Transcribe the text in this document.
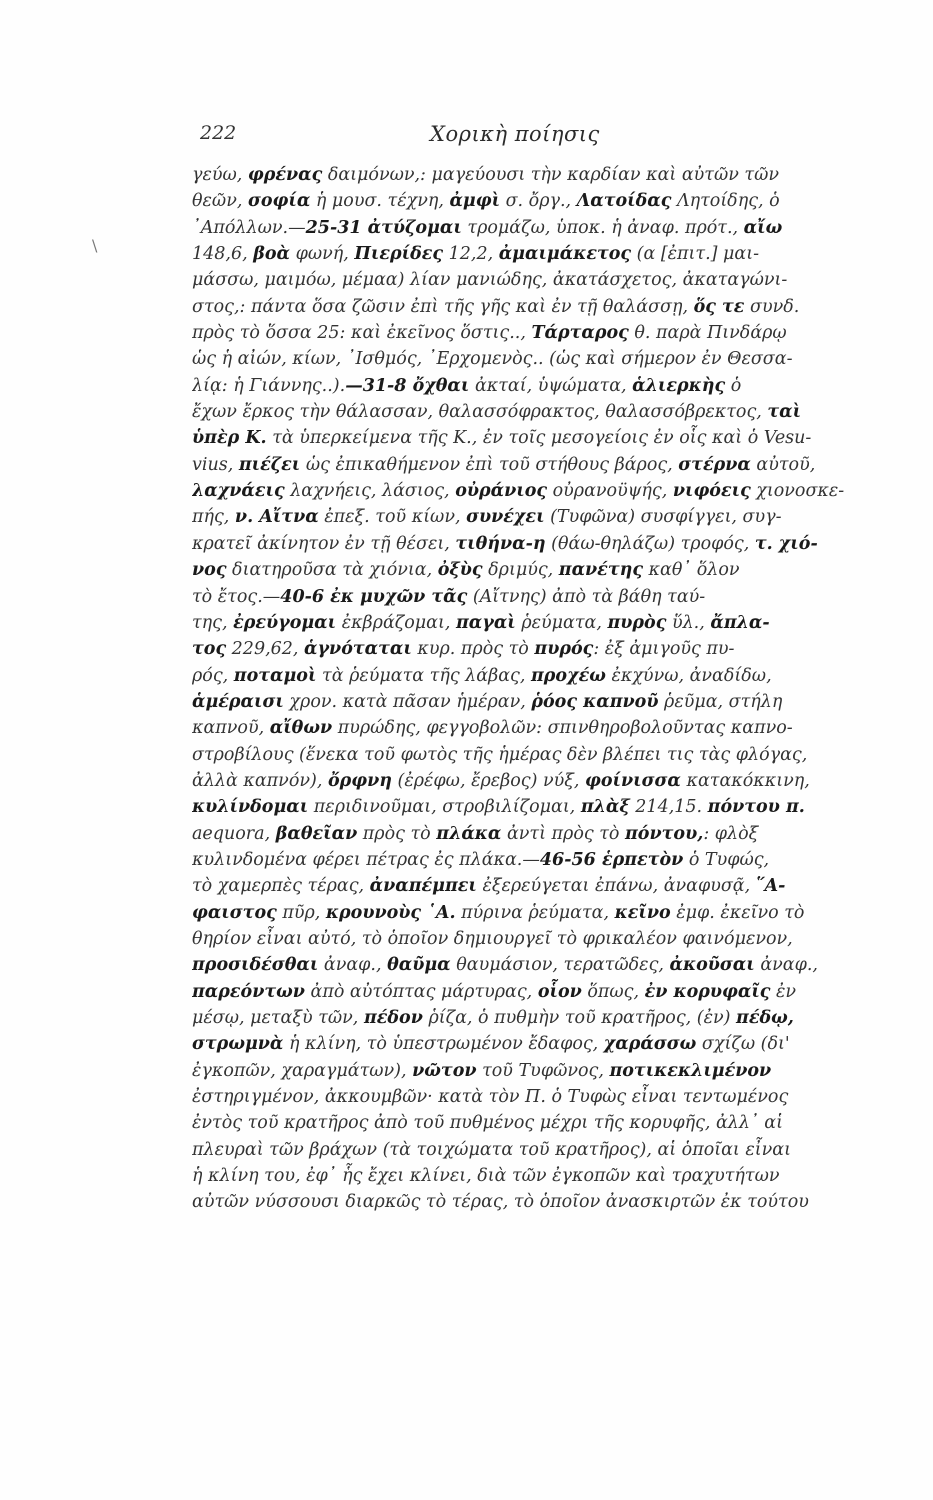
222	Χορικὴ ποίησις
\
γεύω, φρένας δαιμόνων,: μαγεύουσι τὴν καρδίαν καὶ αὐτῶν τῶν
θεῶν, σοφία ἡ μουσ. τέχνη, ἀμφὶ σ. ὄργ., Λατοίδας Λητοίδης, ὁ
᾿Απόλλων.—25-31 ἀτύζομαι τρομάζω, ὑποκ. ἡ ἀναφ. πρότ., αἴω
148,6, βοὰ φωνή, Πιερίδες 12,2, ἀμαιμάκετος (α [ἐπιτ.] μαι-
μάσσω, μαιμόω, μέμαα) λίαν μανιώδης, ἀκατάσχετος, ἀκαταγώνι-
στος,: πάντα ὅσα ζῶσιν ἐπὶ τῆς γῆς καὶ ἐν τῇ θαλάσσῃ, ὅς τε συνδ.
πρὸς τὸ ὅσσα 25: καὶ ἐκεῖνος ὅστις.., Τάρταρος θ. παρὰ Πινδάρῳ
ὡς ἡ αἰών, κίων, ᾿Ισθμός, ᾿Ερχομενὸς.. (ὡς καὶ σήμερον ἐν Θεσσα-
λίᾳ: ἡ Γιάννης..).—31-8 ὄχθαι ἀκταί, ὑψώματα, ἁλιερκὴς ὁ
ἔχων ἔρκος τὴν θάλασσαν, θαλασσόφρακτος, θαλασσόβρεκτος, ταὶ
ὑπὲρ Κ. τὰ ὑπερκείμενα τῆς Κ., ἐν τοῖς μεσογείοις ἐν οἷς καὶ ὁ Vesu-
vius, πιέζει ὡς ἐπικαθήμενον ἐπὶ τοῦ στήθους βάρος, στέρνα αὐτοῦ,
λαχνάεις λαχνήεις, λάσιος, οὐράνιος οὐρανοϋψής, νιφόεις χιονοσκε-
πής, ν. Αἴτνα ἐπεξ. τοῦ κίων, συνέχει (Τυφῶνα) συσφίγγει, συγ-
κρατεῖ ἀκίνητον ἐν τῇ θέσει, τιθήνα-η (θάω-θηλάζω) τροφός, τ. χιό-
νος διατηροῦσα τὰ χιόνια, ὀξὺς δριμύς, πανέτης καθ᾿ ὅλον
τὸ ἔτος.—40-6 ἐκ μυχῶν τᾶς (Αἴτνης) ἀπὸ τὰ βάθη ταύ-
της, ἐρεύγομαι ἐκβράζομαι, παγαὶ ῥεύματα, πυρὸς ὕλ., ἄπλα-
τος 229,62, ἁγνόταται κυρ. πρὸς τὸ πυρός: ἐξ ἀμιγοῦς πυ-
ρός, ποταμοὶ τὰ ῥεύματα τῆς λάβας, προχέω ἐκχύνω, ἀναδίδω,
ἁμέραισι χρον. κατὰ πᾶσαν ἡμέραν, ῥόος καπνοῦ ῥεῦμα, στήλη
καπνοῦ, αἴθων πυρώδης, φεγγοβολῶν: σπινθηροβολοῦντας καπνο-
στροβίλους (ἕνεκα τοῦ φωτὸς τῆς ἡμέρας δὲν βλέπει τις τὰς φλόγας,
ἀλλὰ καπνόν), ὄρφνη (ἐρέφω, ἔρεβος) νύξ, φοίνισσα κατακόκκινη,
κυλίνδομαι περιδινοῦμαι, στροβιλίζομαι, πλὰξ 214,15. πόντου π.
aequora, βαθεῖαν πρὸς τὸ πλάκα ἀντὶ πρὸς τὸ πόντου,: φλὸξ
κυλινδομένα φέρει πέτρας ἐς πλάκα.—46-56 ἑρπετὸν ὁ Τυφώς,
τὸ χαμερπὲς τέρας, ἀναπέμπει ἐξερεύγεται ἐπάνω, ἀναφυσᾷ, ῞Α-
φαιστος πῦρ, κρουνοὺς ῾Α. πύρινα ῥεύματα, κεῖνο ἐμφ. ἐκεῖνο τὸ
θηρίον εἶναι αὐτό, τὸ ὁποῖον δημιουργεῖ τὸ φρικαλέον φαινόμενον,
προσιδέσθαι ἀναφ., θαῦμα θαυμάσιον, τερατῶδες, ἀκοῦσαι ἀναφ.,
παρεόντων ἀπὸ αὐτόπτας μάρτυρας, οἷον ὅπως, ἐν κορυφαῖς ἐν
μέσῳ, μεταξὺ τῶν, πέδον ῥίζα, ὁ πυθμὴν τοῦ κρατῆρος, (ἐν) πέδῳ,
στρωμνὰ ἡ κλίνη, τὸ ὑπεστρωμένον ἔδαφος, χαράσσω σχίζω (δι'
ἐγκοπῶν, χαραγμάτων), νῶτον τοῦ Τυφῶνος, ποτικεκλιμένον
ἐστηριγμένον, ἀκκουμβῶν· κατὰ τὸν Π. ὁ Τυφὼς εἶναι τεντωμένος
ἐντὸς τοῦ κρατῆρος ἀπὸ τοῦ πυθμένος μέχρι τῆς κορυφῆς, ἀλλ᾿ αἱ
πλευραὶ τῶν βράχων (τὰ τοιχώματα τοῦ κρατῆρος), αἱ ὁποῖαι εἶναι
ἡ κλίνη του, ἐφ᾿ ἧς ἔχει κλίνει, διὰ τῶν ἐγκοπῶν καὶ τραχυτήτων
αὐτῶν νύσσουσι διαρκῶς τὸ τέρας, τὸ ὁποῖον ἀνασκιρτῶν ἐκ τούτου
